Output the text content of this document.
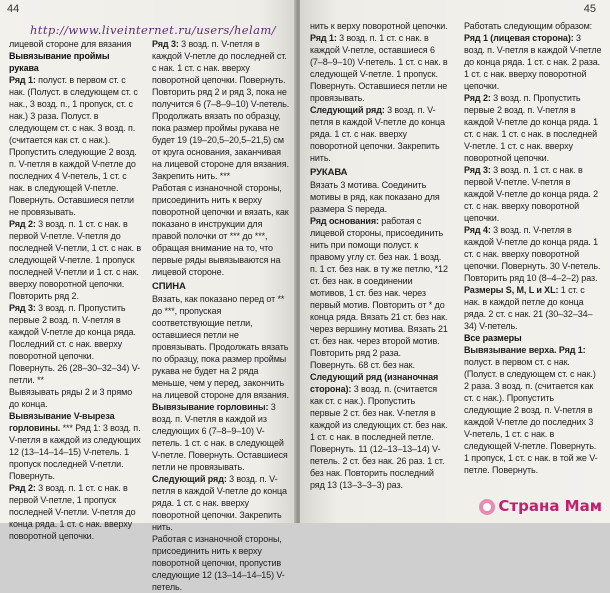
44
http://www.liveinternet.ru/users/helam/

лицевой стороне для вязания

Вывязывание проймы рукава

Ряд 1: полуст. в первом ст. с нак. (Полуст. в следующем ст. с нак., 3 возд. п., 1 пропуск, ст. с нак.) 3 раза. Полуст. в следующем ст. с нак. 3 возд. п. (считается как ст. с нак.). Пропустить следующие 2 возд. п. V-петля в каждой V-петле до последних 4 V-петель, 1 ст. с нак. в следующей V-петле. Повернуть. Оставшиеся петли не провязывать.

Ряд 2: 3 возд. п. 1 ст. с нак. в первой V-петле. V-петля до последней V-петли, 1 ст. с нак. в следующей V-петле. 1 пропуск последней V-петли и 1 ст. с нак. вверху поворотной цепочки. Повторить ряд 2.

Ряд 3: 3 возд. п. Пропустить первые 2 возд. п. V-петля в каждой V-петле до конца ряда. Последний ст. с нак. вверху поворотной цепочки. Повернуть. 26 (28–30–32–34) V-петли. **

Вывязывать ряды 2 и 3 прямо до конца.

Вывязывание V-выреза горловины. *** Ряд 1: 3 возд. п. V-петля в каждой из следующих 12 (13–14–14–15) V-петель. 1 пропуск последней V-петли. Повернуть.

Ряд 2: 3 возд. п. 1 ст. с нак. в первой V-петле, 1 пропуск последней V-петли. V-петля до конца ряда. 1 ст. с нак. вверху поворотной цепочки.

Ряд 3: 3 возд. п. V-петля в каждой V-петле до последней ст. с нак. 1 ст. с нак. вверху поворотной цепочки. Повернуть.

Повторить ряд 2 и ряд 3, пока не получится 6 (7–8–9–10) V-петель. Продолжать вязать по образцу, пока размер проймы рукава не будет 19 (19–20,5–20,5–21,5) см от круга основания, заканчивая на лицевой стороне для вязания. Закрепить нить. ***

Работая с изнаночной стороны, присоединить нить к верху поворотной цепочки и вязать, как показано в инструкции для правой полочки от *** до ***, обращая внимание на то, что первые ряды вывязываются на лицевой стороне.

СПИНА

Вязать, как показано перед от ** до ***, пропуская соответствующие петли, оставшиеся петли не провязывать. Продолжать вязать по образцу, пока размер проймы рукава не будет на 2 ряда меньше, чем у перед, закончить на лицевой стороне для вязания.

Вывязывание горловины: 3 возд. п. V-петля в каждой из следующих 6 (7–8–9–10) V-петель. 1 ст. с нак. в следующей V-петле. Повернуть. Оставшиеся петли не провязывать.

Следующий ряд: 3 возд. п. V-петля в каждой V-петле до конца ряда. 1 ст. с нак. вверху поворотной цепочки. Закрепить нить.

Работая с изнаночной стороны, присоединить нить к верху поворотной цепочки, пропустив следующие 12 (13–14–14–15) V-петель.

45

нить к верху поворотной цепочки.

Ряд 1: 3 возд. п. 1 ст. с нак. в каждой V-петле, оставшиеся 6 (7–8–9–10) V-петель. 1 ст. с нак. в следующей V-петле. 1 пропуск. Повернуть. Оставшиеся петли не провязывать.

Следующий ряд: 3 возд. п. V-петля в каждой V-петле до конца ряда. 1 ст. с нак. вверху поворотной цепочки. Закрепить нить.

РУКАВА

Вязать 3 мотива. Соединить мотивы в ряд, как показано для размера S переда.

Ряд основания: работая с лицевой стороны, присоединить нить при помощи полуст. к правому углу ст. без нак. 1 возд. п. 1 ст. без нак. в ту же петлю, *12 ст. без нак. в соединении мотивов, 1 ст. без нак. через первый мотив. Повторить от * до конца ряда. Вязать 21 ст. без нак. через вершину мотива. Вязать 21 ст. без нак. через второй мотив. Повторить ряд 2 раза. Повернуть. 68 ст. без нак.

Следующий ряд (изнаночная сторона): 3 возд. п. (считается как ст. с нак.). Пропустить первые 2 ст. без нак. V-петля в каждой из следующих ст. без нак. 1 ст. с нак. в последней петле. Повернуть. 11 (12–13–13–14) V-петель. 2 ст. без нак. 26 раз. 1 ст. без нак. Повторить последний ряд 13 (13–3–3–3) раз.

Работать следующим образом:

Ряд 1 (лицевая сторона): 3 возд. п. V-петля в каждой V-петле до конца ряда. 1 ст. с нак. 2 раза. 1 ст. с нак. вверху поворотной цепочки.

Ряд 2: 3 возд. п. Пропустить первые 2 возд. п. V-петля в каждой V-петле до конца ряда. 1 ст. с нак. 1 ст. с нак. в последней V-петле. 1 ст. с нак. вверху поворотной цепочки.

Ряд 3: 3 возд. п. 1 ст. с нак. в первой V-петле. V-петля в каждой V-петле до конца ряда. 2 ст. с нак. вверху поворотной цепочки.

Ряд 4: 3 возд. п. V-петля в каждой V-петле до конца ряда. 1 ст. с нак. вверху поворотной цепочки. Повернуть. 30 V-петель. Повторить ряд 10 (8–4–2–2) раз.

Размеры S, M, L и XL: 1 ст. с нак. в каждой петле до конца ряда. 2 ст. с нак. 21 (30–32–34–34) V-петель.

Все размеры

Вывязывание верха. Ряд 1: полуст. в первом ст. с нак. (Полуст. в следующем ст. с нак.) 2 раза. 3 возд. п. (считается как ст. с нак.). Пропустить следующие 2 возд. п. V-петля в каждой V-петле до последних 3 V-петель, 1 ст. с нак. в следующей V-петле. Повернуть. 1 пропуск, 1 ст. с нак. в той же V-петле. Повернуть.

Страна Мам
